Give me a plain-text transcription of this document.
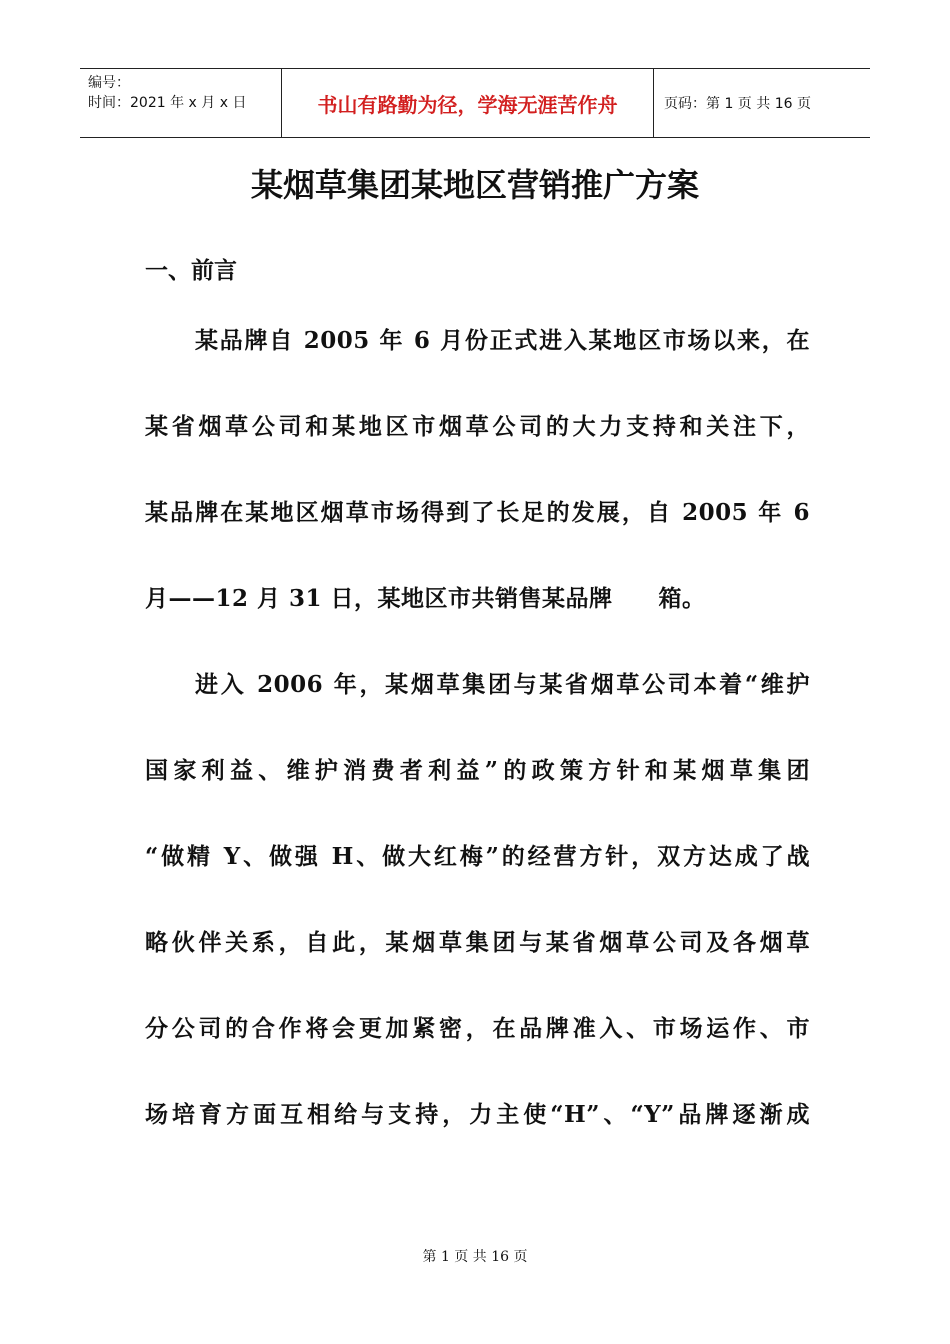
编号：
时间：2021 年 x 月 x 日	书山有路勤为径，学海无涯苦作舟	页码：第 1 页 共 16 页
某烟草集团某地区营销推广方案
一、前言
某品牌自 2005 年 6 月份正式进入某地区市场以来，在
某省烟草公司和某地区市烟草公司的大力支持和关注下，
某品牌在某地区烟草市场得到了长足的发展，自 2005 年 6
月——12 月 31 日，某地区市共销售某品牌 箱。
进入 2006 年，某烟草集团与某省烟草公司本着“维护
国家利益、维护消费者利益”的政策方针和某烟草集团
“做精 Y、做强 H、做大红梅”的经营方针，双方达成了战
略伙伴关系，自此，某烟草集团与某省烟草公司及各烟草
分公司的合作将会更加紧密，在品牌准入、市场运作、市
场培育方面互相给与支持，力主使“H”、“Y”品牌逐渐成
第 1 页 共 16 页
